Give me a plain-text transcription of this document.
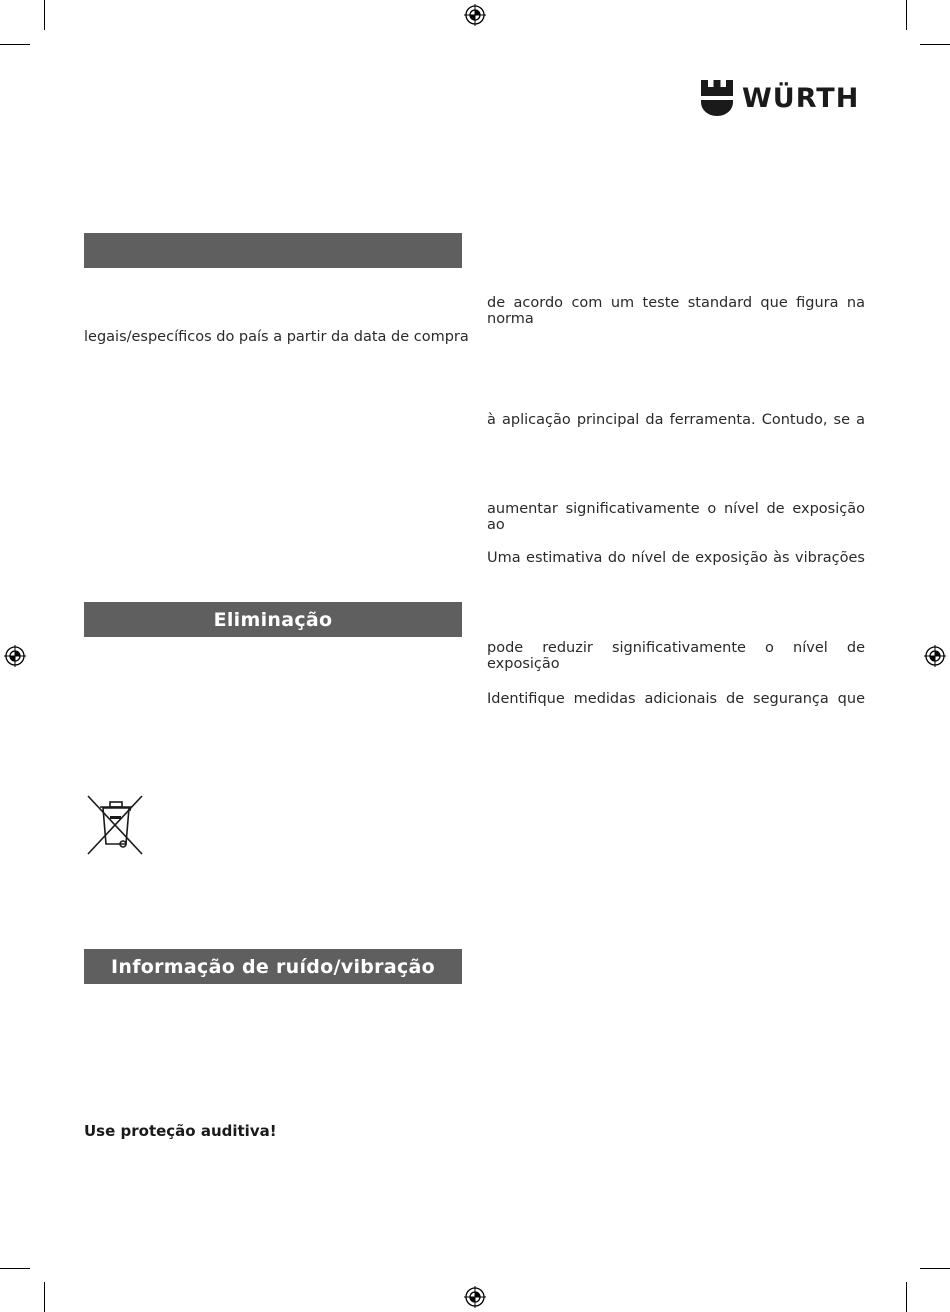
WÜRTH
legais/específicos do país a partir da data de compra
Eliminação
Informação de ruído/vibração
Use proteção auditiva!
de acordo com um teste standard que figura na norma
à aplicação principal da ferramenta. Contudo, se a
aumentar significativamente o nível de exposição ao
Uma estimativa do nível de exposição às vibrações
pode reduzir significativamente o nível de exposição
Identifique medidas adicionais de segurança que
